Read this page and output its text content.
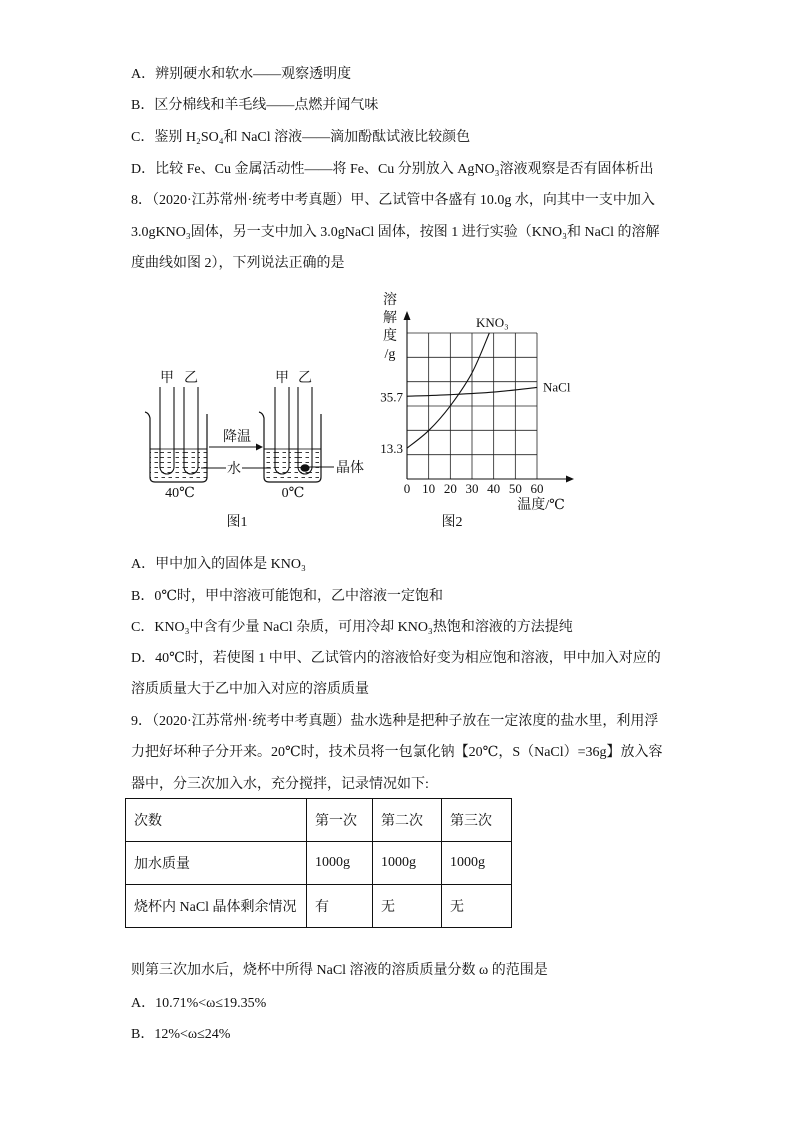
A．辨别硬水和软水——观察透明度
B．区分棉线和羊毛线——点燃并闻气味
C．鉴别 H₂SO₄和 NaCl 溶液——滴加酚酞试液比较颜色
D．比较 Fe、Cu 金属活动性——将 Fe、Cu 分别放入 AgNO₃溶液观察是否有固体析出
8．（2020·江苏常州·统考中考真题）甲、乙试管中各盛有 10.0g 水，向其中一支中加入
3.0gKNO₃固体，另一支中加入 3.0gNaCl 固体，按图 1 进行实验（KNO₃和 NaCl 的溶解
度曲线如图 2），下列说法正确的是
甲 乙	甲 乙
降温
水	晶体
40℃	0℃
图1
0 10 20 30 40 50 60
35.7
13.3
溶
解
度
/g
温度/℃
KNO₃
NaCl
图2
A．甲中加入的固体是 KNO₃
B．0℃时，甲中溶液可能饱和，乙中溶液一定饱和
C．KNO₃中含有少量 NaCl 杂质，可用冷却 KNO₃热饱和溶液的方法提纯
D．40℃时，若使图 1 中甲、乙试管内的溶液恰好变为相应饱和溶液，甲中加入对应的
溶质质量大于乙中加入对应的溶质质量
9．（2020·江苏常州·统考中考真题）盐水选种是把种子放在一定浓度的盐水里，利用浮
力把好坏种子分开来。20℃时，技术员将一包氯化钠【20℃，S（NaCl）=36g】放入容
器中，分三次加入水，充分搅拌，记录情况如下:
次数	第一次	第二次	第三次
加水质量	1000g	1000g	1000g
烧杯内 NaCl 晶体剩余情况	有	无	无
则第三次加水后，烧杯中所得 NaCl 溶液的溶质质量分数 ω 的范围是
A．10.71%<ω≤19.35%
B．12%<ω≤24%
